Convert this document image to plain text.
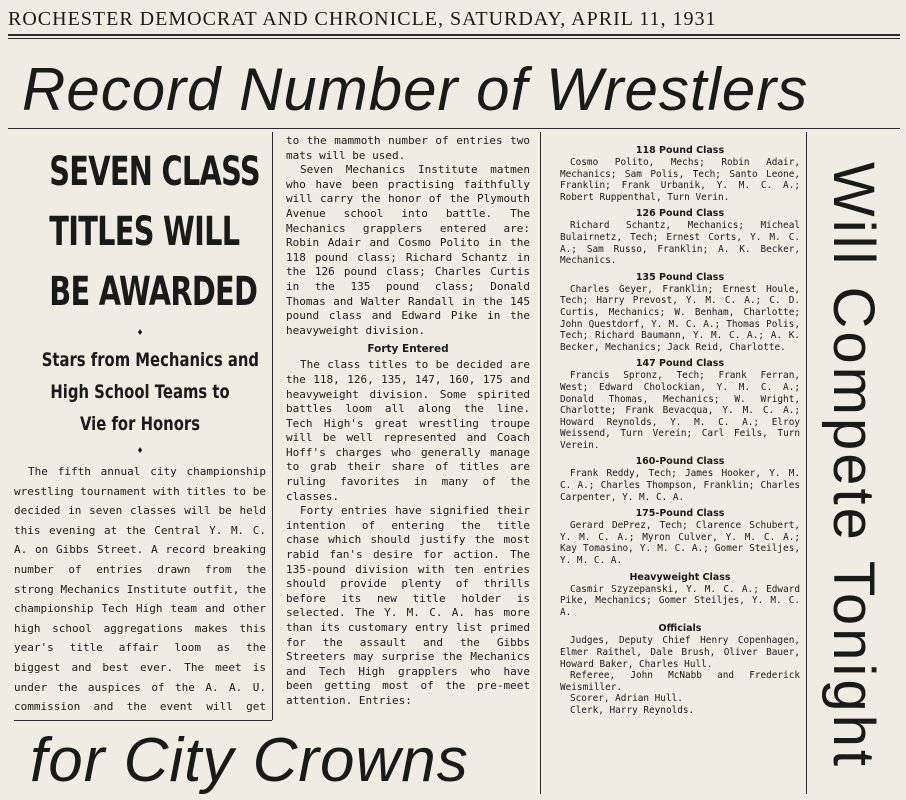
ROCHESTER DEMOCRAT AND CHRONICLE, SATURDAY, APRIL 11, 1931
Record Number of Wrestlers
SEVEN CLASS
TITLES WILL
BE AWARDED
♦
Stars from Mechanics and
High School Teams to
Vie for Honors
♦

The fifth annual city championship wrestling tournament with titles to be decided in seven classes will be held this evening at the Central Y. M. C. A. on Gibbs Street. A record breaking number of entries drawn from the strong Mechanics Institute outfit, the championship Tech High team and other high school aggregations makes this year's title affair loom as the biggest and best ever. The meet is under the auspices of the A. A. U. commission and the event will get

to the mammoth number of entries two mats will be used.

Seven Mechanics Institute matmen who have been practising faithfully will carry the honor of the Plymouth Avenue school into battle. The Mechanics grapplers entered are: Robin Adair and Cosmo Polito in the 118 pound class; Richard Schantz in the 126 pound class; Charles Curtis in the 135 pound class; Donald Thomas and Walter Randall in the 145 pound class and Edward Pike in the heavyweight division.

Forty Entered

The class titles to be decided are the 118, 126, 135, 147, 160, 175 and heavyweight division. Some spirited battles loom all along the line. Tech High's great wrestling troupe will be well represented and Coach Hoff's charges who generally manage to grab their share of titles are ruling favorites in many of the classes.

Forty entries have signified their intention of entering the title chase which should justify the most rabid fan's desire for action. The 135-pound division with ten entries should provide plenty of thrills before its new title holder is selected. The Y. M. C. A. has more than its customary entry list primed for the assault and the Gibbs Streeters may surprise the Mechanics and Tech High grapplers who have been getting most of the pre-meet attention. Entries:

118 Pound Class

Cosmo Polito, Mechs; Robin Adair, Mechanics; Sam Polis, Tech; Santo Leone, Franklin; Frank Urbanik, Y. M. C. A.; Robert Ruppenthal, Turn Verin.

126 Pound Class

Richard Schantz, Mechanics; Micheal Bulairnetz, Tech; Ernest Corts, Y. M. C. A.; Sam Russo, Franklin; A. K. Becker, Mechanics.

135 Pound Class

Charles Geyer, Franklin; Ernest Houle, Tech; Harry Prevost, Y. M. C. A.; C. D. Curtis, Mechanics; W. Benham, Charlotte; John Questdorf, Y. M. C. A.; Thomas Polis, Tech; Richard Baumann, Y. M. C. A.; A. K. Becker, Mechanics; Jack Reid, Charlotte.

147 Pound Class

Francis Spronz, Tech; Frank Ferran, West; Edward Cholockian, Y. M. C. A.; Donald Thomas, Mechanics; W. Wright, Charlotte; Frank Bevacqua, Y. M. C. A.; Howard Reynolds, Y. M. C. A.; Elroy Weissend, Turn Verein; Carl Feils, Turn Verein.

160-Pound Class

Frank Reddy, Tech; James Hooker, Y. M. C. A.; Charles Thompson, Franklin; Charles Carpenter, Y. M. C. A.

175-Pound Class

Gerard DePrez, Tech; Clarence Schubert, Y. M. C. A.; Myron Culver, Y. M. C. A.; Kay Tomasino, Y. M. C. A.; Gomer Steiljes, Y. M. C. A.

Heavyweight Class

Casmir Szyzepanski, Y. M. C. A.; Edward Pike, Mechanics; Gomer Steiljes, Y. M. C. A.

Officials

Judges, Deputy Chief Henry Copenhagen, Elmer Raithel, Dale Brush, Oliver Bauer, Howard Baker, Charles Hull.

Referee, John McNabb and Frederick Weismiller.

Scorer, Adrian Hull.

Clerk, Harry Reynolds.	Will Compete Tonight
for City Crowns
